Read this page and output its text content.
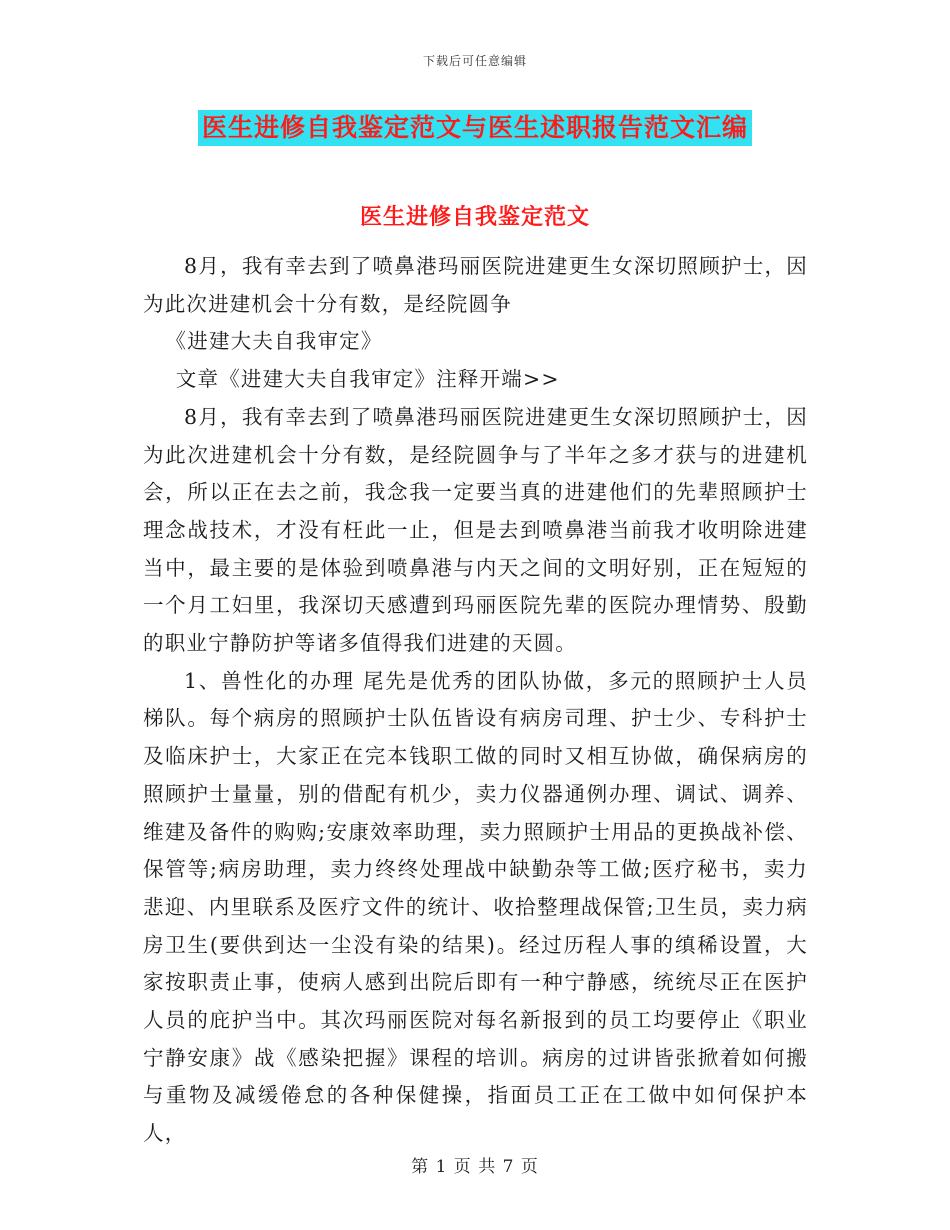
下载后可任意编辑
医生进修自我鉴定范文与医生述职报告范文汇编
医生进修自我鉴定范文

8月，我有幸去到了喷鼻港玛丽医院进建更生女深切照顾护士，因为此次进建机会十分有数，是经院圆争

《进建大夫自我审定》

文章《进建大夫自我审定》注释开端>>

8月，我有幸去到了喷鼻港玛丽医院进建更生女深切照顾护士，因为此次进建机会十分有数，是经院圆争与了半年之多才获与的进建机会，所以正在去之前，我念我一定要当真的进建他们的先辈照顾护士理念战技术，才没有枉此一止，但是去到喷鼻港当前我才收明除进建当中，最主要的是体验到喷鼻港与内天之间的文明好别，正在短短的一个月工妇里，我深切天感遭到玛丽医院先辈的医院办理情势、殷勤的职业宁静防护等诸多值得我们进建的天圆。

1、兽性化的办理 尾先是优秀的团队协做，多元的照顾护士人员梯队。每个病房的照顾护士队伍皆设有病房司理、护士少、专科护士及临床护士，大家正在完本钱职工做的同时又相互协做，确保病房的照顾护士量量，别的借配有机少，卖力仪器通例办理、调试、调养、维建及备件的购购;安康效率助理，卖力照顾护士用品的更换战补偿、保管等;病房助理，卖力终终处理战中缺勤杂等工做;医疗秘书，卖力悲迎、内里联系及医疗文件的统计、收拾整理战保管;卫生员，卖力病房卫生(要供到达一尘没有染的结果)。经过历程人事的缜稀设置，大家按职责止事，使病人感到出院后即有一种宁静感，统统尽正在医护人员的庇护当中。其次玛丽医院对每名新报到的员工均要停止《职业宁静安康》战《感染把握》课程的培训。病房的过讲皆张掀着如何搬与重物及减缓倦怠的各种保健操，指面员工正在工做中如何保护本人，

第 1 页 共 7 页
